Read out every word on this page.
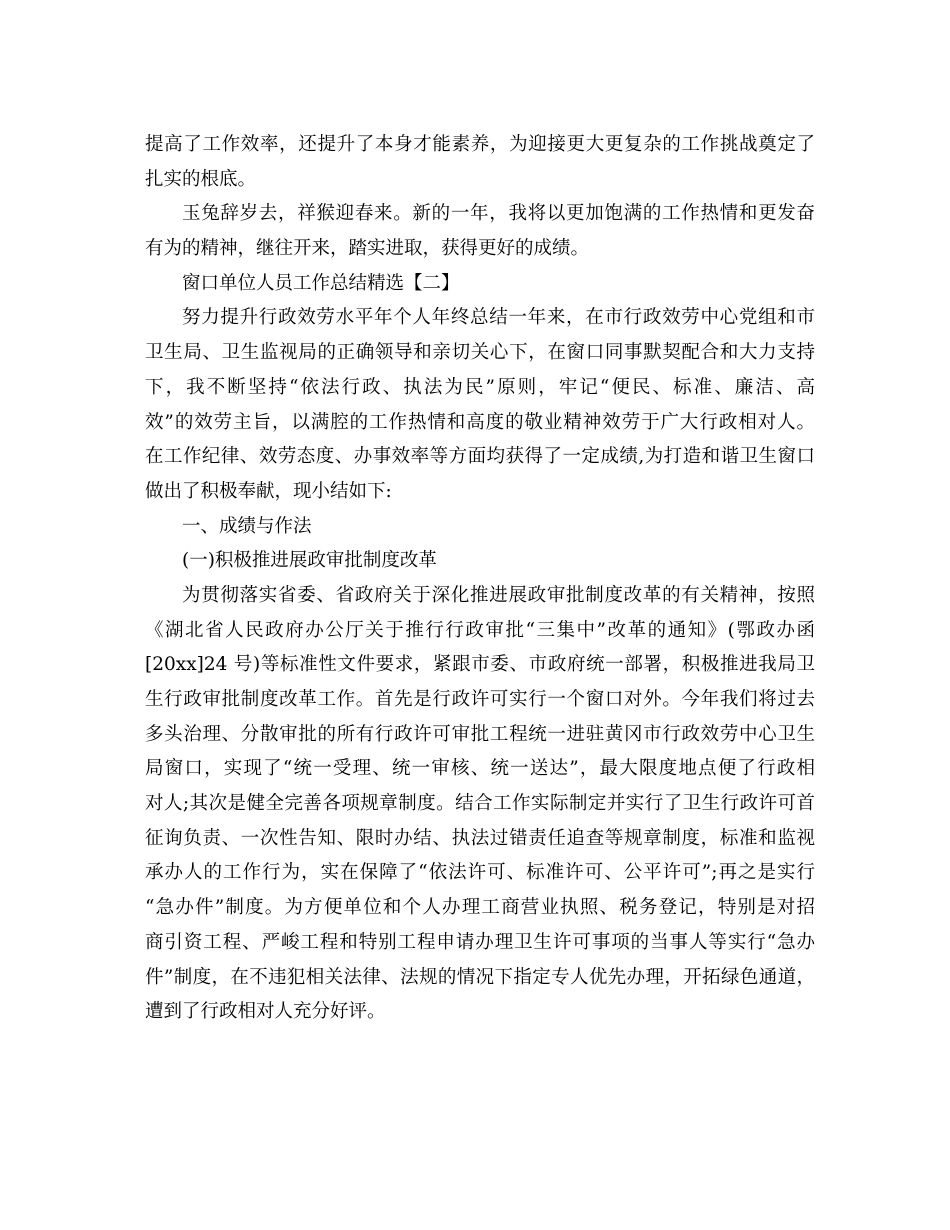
提高了工作效率，还提升了本身才能素养，为迎接更大更复杂的工作挑战奠定了
扎实的根底。
玉兔辞岁去，祥猴迎春来。新的一年，我将以更加饱满的工作热情和更发奋
有为的精神，继往开来，踏实进取，获得更好的成绩。
窗口单位人员工作总结精选【二】
努力提升行政效劳水平年个人年终总结一年来，在市行政效劳中心党组和市
卫生局、卫生监视局的正确领导和亲切关心下，在窗口同事默契配合和大力支持
下，我不断坚持“依法行政、执法为民”原则，牢记“便民、标准、廉洁、高
效”的效劳主旨，以满腔的工作热情和高度的敬业精神效劳于广大行政相对人。
在工作纪律、效劳态度、办事效率等方面均获得了一定成绩,为打造和谐卫生窗口
做出了积极奉献，现小结如下:
一、成绩与作法
(一)积极推进展政审批制度改革
为贯彻落实省委、省政府关于深化推进展政审批制度改革的有关精神，按照
《湖北省人民政府办公厅关于推行行政审批“三集中”改革的通知》(鄂政办函
[20xx]24 号)等标准性文件要求，紧跟市委、市政府统一部署，积极推进我局卫
生行政审批制度改革工作。首先是行政许可实行一个窗口对外。今年我们将过去
多头治理、分散审批的所有行政许可审批工程统一进驻黄冈市行政效劳中心卫生
局窗口，实现了“统一受理、统一审核、统一送达”，最大限度地点便了行政相
对人;其次是健全完善各项规章制度。结合工作实际制定并实行了卫生行政许可首
征询负责、一次性告知、限时办结、执法过错责任追查等规章制度，标准和监视
承办人的工作行为，实在保障了“依法许可、标准许可、公平许可”;再之是实行
“急办件”制度。为方便单位和个人办理工商营业执照、税务登记，特别是对招
商引资工程、严峻工程和特别工程申请办理卫生许可事项的当事人等实行“急办
件”制度，在不违犯相关法律、法规的情况下指定专人优先办理，开拓绿色通道，
遭到了行政相对人充分好评。
